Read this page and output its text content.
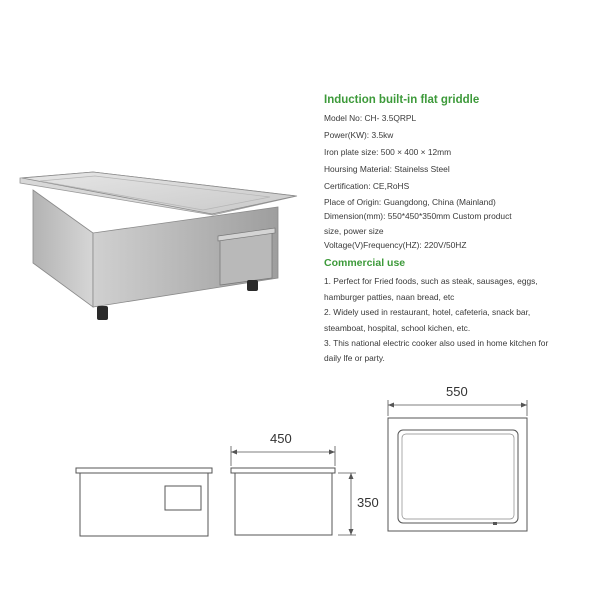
550
450
350
Induction built-in flat griddle
Model No: CH- 3.5QRPL
Power(KW): 3.5kw
Iron plate size: 500 × 400 × 12mm
Hoursing Material: Stainelss Steel
Certification: CE,RoHS
Place of Origin: Guangdong, China (Mainland)
Dimension(mm): 550*450*350mm Custom product
size, power size
Voltage(V)Frequency(HZ): 220V/50HZ
Commercial use
1. Perfect for Fried foods, such as steak, sausages, eggs,
hamburger patties, naan bread, etc
2. Widely used in restaurant, hotel, cafeteria, snack bar,
steamboat, hospital, school kichen, etc.
3. This national electric cooker also used in home kitchen for
daily lfe or party.
